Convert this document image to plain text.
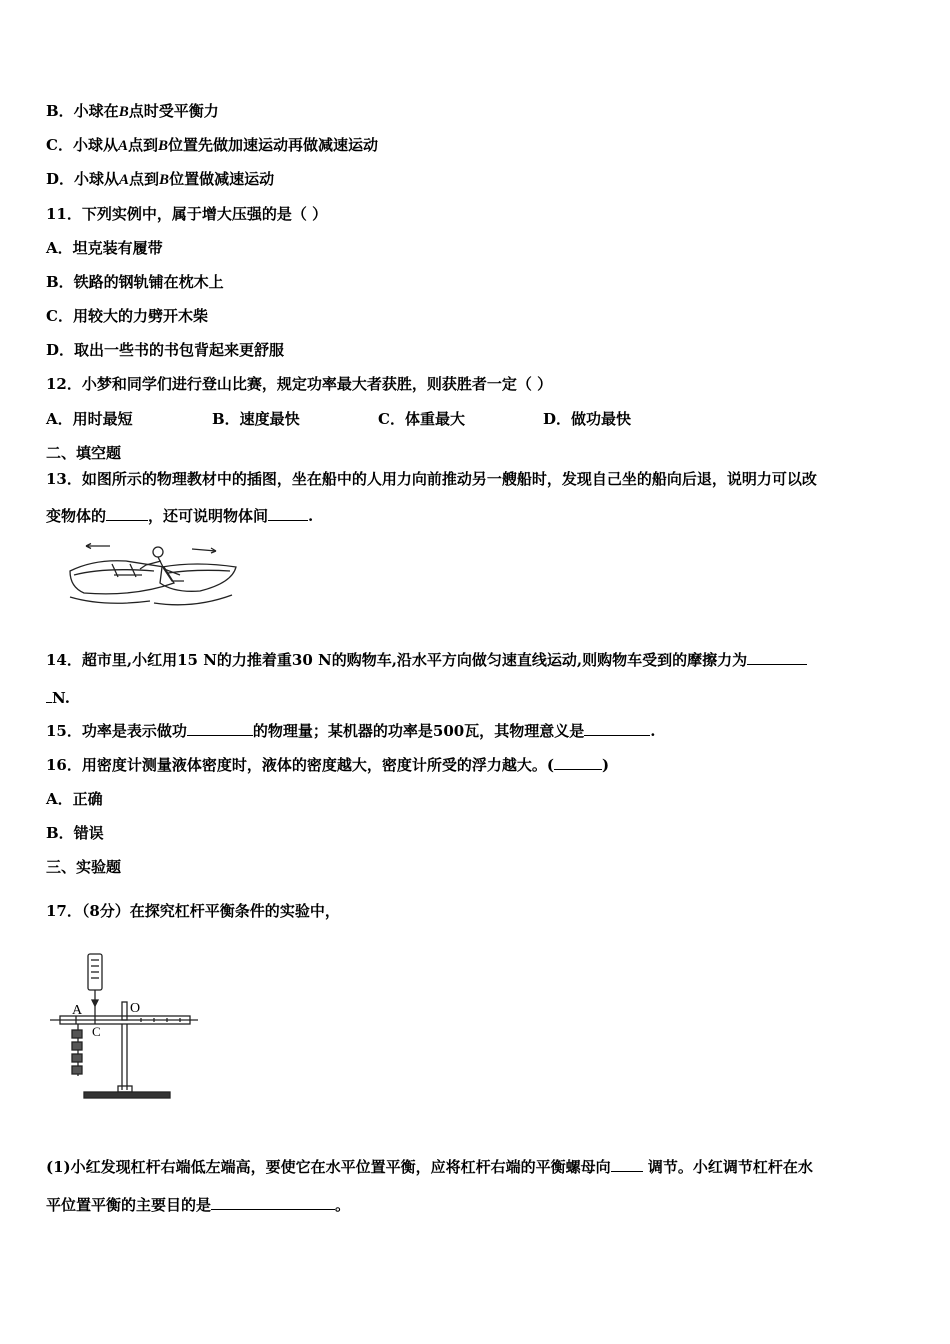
B．小球在B点时受平衡力
C．小球从A点到B位置先做加速运动再做减速运动
D．小球从A点到B位置做减速运动
11．下列实例中，属于增大压强的是（ ）
A．坦克装有履带
B．铁路的钢轨铺在枕木上
C．用较大的力劈开木柴
D．取出一些书的书包背起来更舒服
12．小梦和同学们进行登山比赛，规定功率最大者获胜，则获胜者一定（ ）
A．用时最短	B．速度最快	C．体重最大	D．做功最快
二、填空题
13．如图所示的物理教材中的插图，坐在船中的人用力向前推动另一艘船时，发现自己坐的船向后退，说明力可以改
变物体的	，还可说明物体间	.
14．超市里,小红用15 N的力推着重30 N的购物车,沿水平方向做匀速直线运动,则购物车受到的摩擦力为
N.
15．功率是表示做功	的物理量；某机器的功率是500瓦，其物理意义是	.
16．用密度计测量液体密度时，液体的密度越大，密度计所受的浮力越大。(	)
A．正确
B．错误
三、实验题
17．（8分）在探究杠杆平衡条件的实验中，
A	O
C
(1)小红发现杠杆右端低左端高，要使它在水平位置平衡，应将杠杆右端的平衡螺母向 调节。小红调节杠杆在水
平位置平衡的主要目的是	。
